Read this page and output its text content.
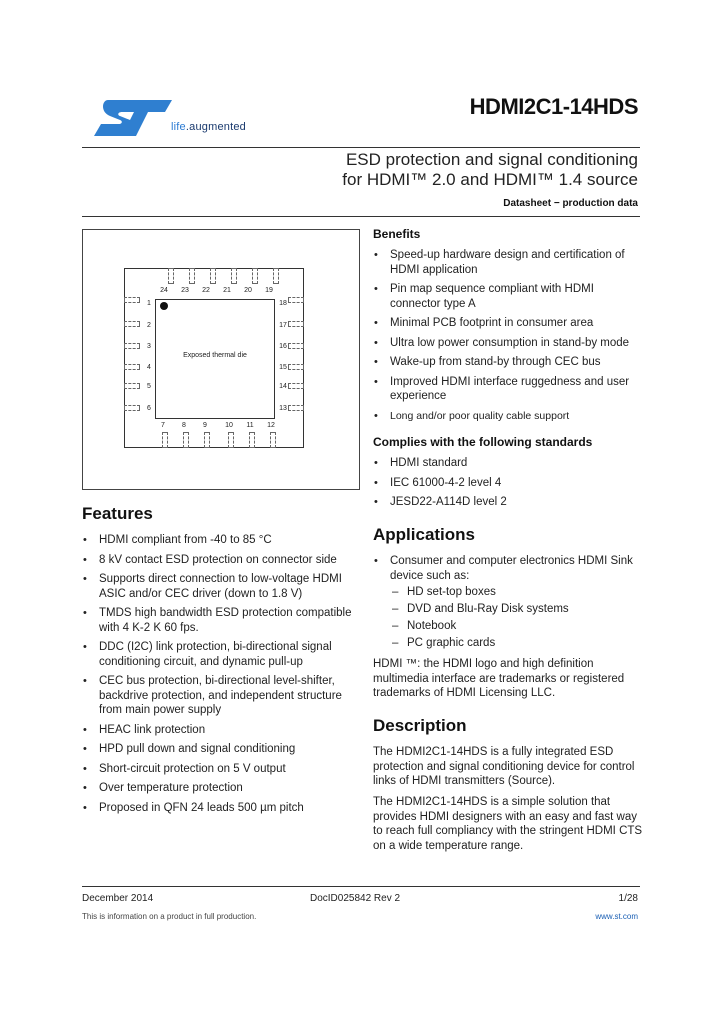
life.augmented
HDMI2C1-14HDS
ESD protection and signal conditioning
for HDMI™ 2.0 and HDMI™ 1.4 source
Datasheet − production data
24	23	22	21	20	19
1
2
3
4
5
6
7	8	9	10	11	12
18
17
16
15
14
13
Exposed thermal die
Features
• HDMI compliant from -40 to 85 °C
• 8 kV contact ESD protection on connector side
• Supports direct connection to low-voltage HDMI ASIC and/or CEC driver (down to 1.8 V)
• TMDS high bandwidth ESD protection compatible with 4 K-2 K 60 fps.
• DDC (I2C) link protection, bi-directional signal conditioning circuit, and dynamic pull-up
• CEC bus protection, bi-directional level-shifter, backdrive protection, and independent structure from main power supply
• HEAC link protection
• HPD pull down and signal conditioning
• Short-circuit protection on 5 V output
• Over temperature protection
• Proposed in QFN 24 leads 500 µm pitch
Benefits
• Speed-up hardware design and certification of HDMI application
• Pin map sequence compliant with HDMI connector type A
• Minimal PCB footprint in consumer area
• Ultra low power consumption in stand-by mode
• Wake-up from stand-by through CEC bus
• Improved HDMI interface ruggedness and user experience
• Long and/or poor quality cable support
Complies with the following standards
• HDMI standard
• IEC 61000-4-2 level 4
• JESD22-A114D level 2
Applications
• Consumer and computer electronics HDMI Sink device such as:
– HD set-top boxes
– DVD and Blu-Ray Disk systems
– Notebook
– PC graphic cards
HDMI ™: the HDMI logo and high definition multimedia interface are trademarks or registered trademarks of HDMI Licensing LLC.
Description
The HDMI2C1-14HDS is a fully integrated ESD protection and signal conditioning device for control links of HDMI transmitters (Source).
The HDMI2C1-14HDS is a simple solution that provides HDMI designers with an easy and fast way to reach full compliancy with the stringent HDMI CTS on a wide temperature range.
December 2014	DocID025842 Rev 2	1/28
This is information on a product in full production.	www.st.com
